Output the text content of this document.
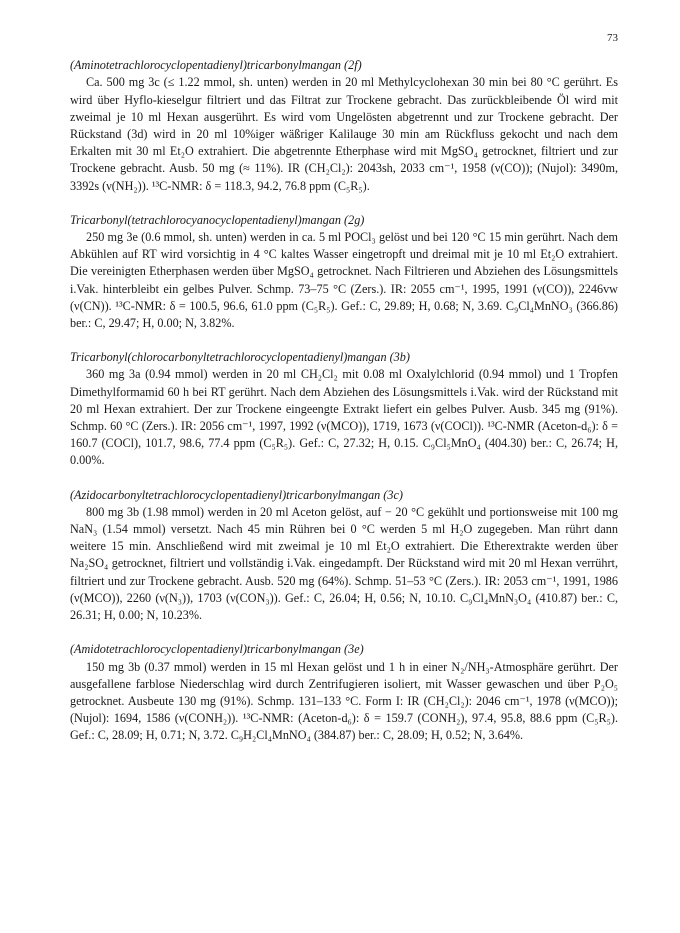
73

(Aminotetrachlorocyclopentadienyl)tricarbonylmangan (2f)

Ca. 500 mg 3c (≤ 1.22 mmol, sh. unten) werden in 20 ml Methylcyclohexan 30 min bei 80 °C gerührt. Es wird über Hyflo-kieselgur filtriert und das Filtrat zur Trockene gebracht. Das zurückbleibende Öl wird mit zweimal je 10 ml Hexan ausgerührt. Es wird vom Ungelösten abgetrennt und zur Trockene gebracht. Der Rückstand (3d) wird in 20 ml 10%iger wäßriger Kalilauge 30 min am Rückfluss gekocht und nach dem Erkalten mit 30 ml Et₂O extrahiert. Die abgetrennte Etherphase wird mit MgSO₄ getrocknet, filtriert und zur Trockene gebracht. Ausb. 50 mg (≈ 11%). IR (CH₂Cl₂): 2043sh, 2033 cm⁻¹, 1958 (ν(CO)); (Nujol): 3490m, 3392s (ν(NH₂)). ¹³C-NMR: δ = 118.3, 94.2, 76.8 ppm (C₅R₅).

Tricarbonyl(tetrachlorocyanocyclopentadienyl)mangan (2g)

250 mg 3e (0.6 mmol, sh. unten) werden in ca. 5 ml POCl₃ gelöst und bei 120 °C 15 min gerührt. Nach dem Abkühlen auf RT wird vorsichtig in 4 °C kaltes Wasser eingetropft und dreimal mit je 10 ml Et₂O extrahiert. Die vereinigten Etherphasen werden über MgSO₄ getrocknet. Nach Filtrieren und Abziehen des Lösungsmittels i.Vak. hinterbleibt ein gelbes Pulver. Schmp. 73–75 °C (Zers.). IR: 2055 cm⁻¹, 1995, 1991 (ν(CO)), 2246vw (ν(CN)). ¹³C-NMR: δ = 100.5, 96.6, 61.0 ppm (C₅R₅). Gef.: C, 29.89; H, 0.68; N, 3.69. C₉Cl₄MnNO₃ (366.86) ber.: C, 29.47; H, 0.00; N, 3.82%.

Tricarbonyl(chlorocarbonyltetrachlorocyclopentadienyl)mangan (3b)

360 mg 3a (0.94 mmol) werden in 20 ml CH₂Cl₂ mit 0.08 ml Oxalylchlorid (0.94 mmol) und 1 Tropfen Dimethylformamid 60 h bei RT gerührt. Nach dem Abziehen des Lösungsmittels i.Vak. wird der Rückstand mit 20 ml Hexan extrahiert. Der zur Trockene eingeengte Extrakt liefert ein gelbes Pulver. Ausb. 345 mg (91%). Schmp. 60 °C (Zers.). IR: 2056 cm⁻¹, 1997, 1992 (ν(MCO)), 1719, 1673 (ν(COCl)). ¹³C-NMR (Aceton-d₆): δ = 160.7 (COCl), 101.7, 98.6, 77.4 ppm (C₅R₅). Gef.: C, 27.32; H, 0.15. C₉Cl₅MnO₄ (404.30) ber.: C, 26.74; H, 0.00%.

(Azidocarbonyltetrachlorocyclopentadienyl)tricarbonylmangan (3c)

800 mg 3b (1.98 mmol) werden in 20 ml Aceton gelöst, auf − 20 °C gekühlt und portionsweise mit 100 mg NaN₃ (1.54 mmol) versetzt. Nach 45 min Rühren bei 0 °C werden 5 ml H₂O zugegeben. Man rührt dann weitere 15 min. Anschließend wird mit zweimal je 10 ml Et₂O extrahiert. Die Etherextrakte werden über Na₂SO₄ getrocknet, filtriert und vollständig i.Vak. eingedampft. Der Rückstand wird mit 20 ml Hexan verrührt, filtriert und zur Trockene gebracht. Ausb. 520 mg (64%). Schmp. 51–53 °C (Zers.). IR: 2053 cm⁻¹, 1991, 1986 (ν(MCO)), 2260 (ν(N₃)), 1703 (ν(CON₃)). Gef.: C, 26.04; H, 0.56; N, 10.10. C₉Cl₄MnN₃O₄ (410.87) ber.: C, 26.31; H, 0.00; N, 10.23%.

(Amidotetrachlorocyclopentadienyl)tricarbonylmangan (3e)

150 mg 3b (0.37 mmol) werden in 15 ml Hexan gelöst und 1 h in einer N₂/NH₃-Atmosphäre gerührt. Der ausgefallene farblose Niederschlag wird durch Zentrifugieren isoliert, mit Wasser gewaschen und über P₂O₅ getrocknet. Ausbeute 130 mg (91%). Schmp. 131–133 °C. Form I: IR (CH₂Cl₂): 2046 cm⁻¹, 1978 (ν(MCO)); (Nujol): 1694, 1586 (ν(CONH₂)). ¹³C-NMR: (Aceton-d₆): δ = 159.7 (CONH₂), 97.4, 95.8, 88.6 ppm (C₅R₅). Gef.: C, 28.09; H, 0.71; N, 3.72. C₉H₂Cl₄MnNO₄ (384.87) ber.: C, 28.09; H, 0.52; N, 3.64%.
